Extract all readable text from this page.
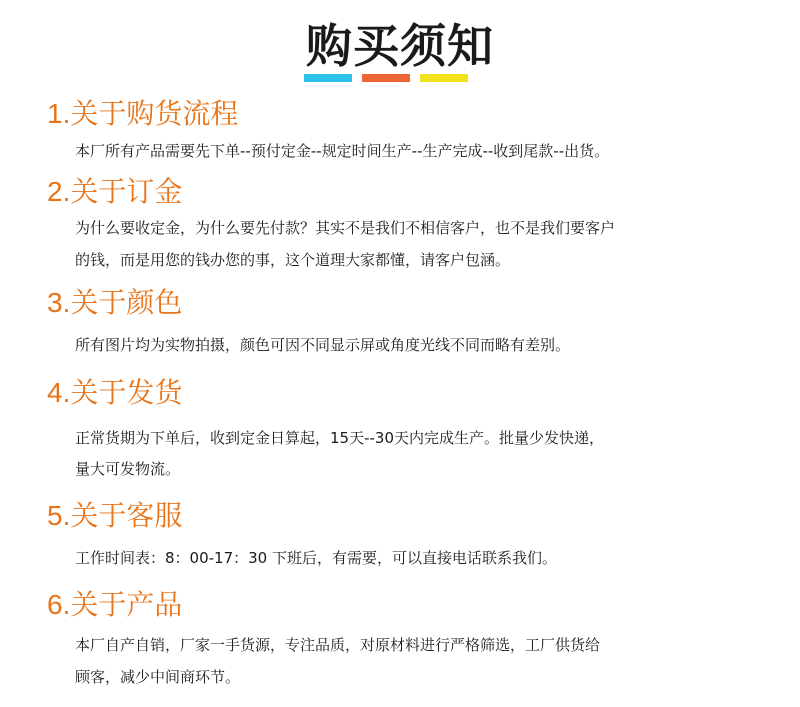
购买须知
1.关于购货流程
本厂所有产品需要先下单--预付定金--规定时间生产--生产完成--收到尾款--出货。
2.关于订金
为什么要收定金，为什么要先付款？其实不是我们不相信客户，也不是我们要客户
的钱，而是用您的钱办您的事，这个道理大家都懂，请客户包涵。
3.关于颜色
所有图片均为实物拍摄，颜色可因不同显示屏或角度光线不同而略有差别。
4.关于发货
正常货期为下单后，收到定金日算起，15天--30天内完成生产。批量少发快递，
量大可发物流。
5.关于客服
工作时间表：8：00-17：30 下班后，有需要，可以直接电话联系我们。
6.关于产品
本厂自产自销，厂家一手货源，专注品质，对原材料进行严格筛选，工厂供货给
顾客，减少中间商环节。
